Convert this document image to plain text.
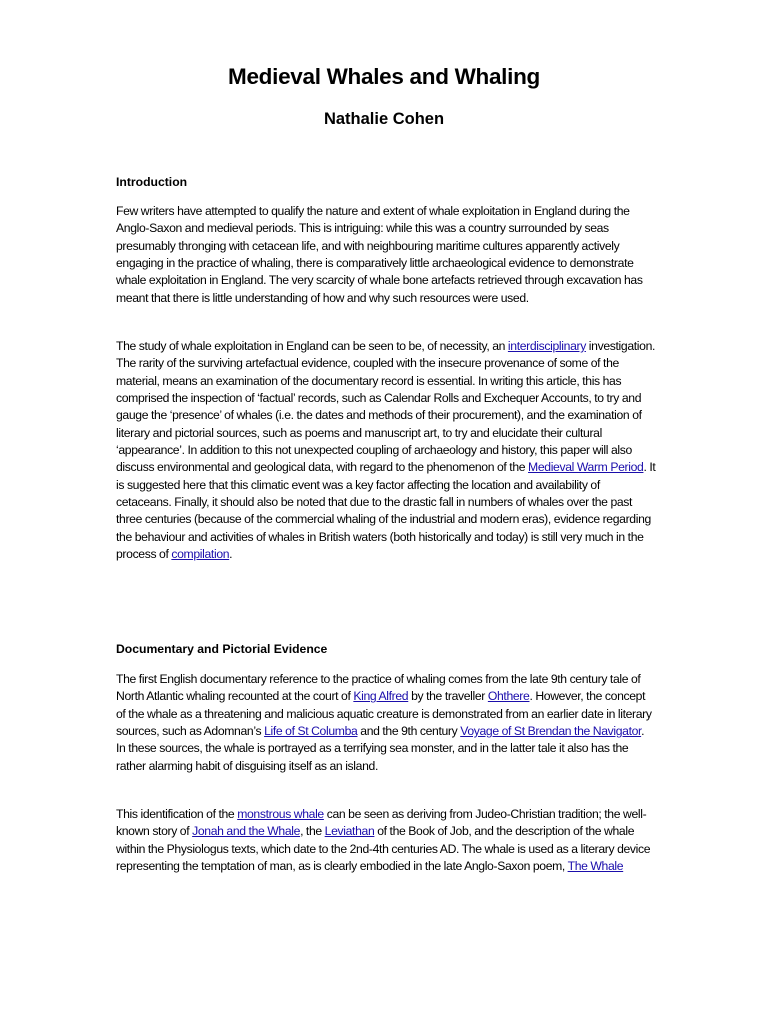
Medieval Whales and Whaling
Nathalie Cohen
Introduction

Few writers have attempted to qualify the nature and extent of whale exploitation in England during the Anglo-Saxon and medieval periods. This is intriguing: while this was a country surrounded by seas presumably thronging with cetacean life, and with neighbouring maritime cultures apparently actively engaging in the practice of whaling, there is comparatively little archaeological evidence to demonstrate whale exploitation in England. The very scarcity of whale bone artefacts retrieved through excavation has meant that there is little understanding of how and why such resources were used.

The study of whale exploitation in England can be seen to be, of necessity, an interdisciplinary investigation. The rarity of the surviving artefactual evidence, coupled with the insecure provenance of some of the material, means an examination of the documentary record is essential. In writing this article, this has comprised the inspection of ‘factual’ records, such as Calendar Rolls and Exchequer Accounts, to try and gauge the ‘presence’ of whales (i.e. the dates and methods of their procurement), and the examination of literary and pictorial sources, such as poems and manuscript art, to try and elucidate their cultural ‘appearance’. In addition to this not unexpected coupling of archaeology and history, this paper will also discuss environmental and geological data, with regard to the phenomenon of the Medieval Warm Period. It is suggested here that this climatic event was a key factor affecting the location and availability of cetaceans. Finally, it should also be noted that due to the drastic fall in numbers of whales over the past three centuries (because of the commercial whaling of the industrial and modern eras), evidence regarding the behaviour and activities of whales in British waters (both historically and today) is still very much in the process of compilation.

Documentary and Pictorial Evidence

The first English documentary reference to the practice of whaling comes from the late 9th century tale of North Atlantic whaling recounted at the court of King Alfred by the traveller Ohthere. However, the concept of the whale as a threatening and malicious aquatic creature is demonstrated from an earlier date in literary sources, such as Adomnan’s Life of St Columba and the 9th century Voyage of St Brendan the Navigator. In these sources, the whale is portrayed as a terrifying sea monster, and in the latter tale it also has the rather alarming habit of disguising itself as an island.

This identification of the monstrous whale can be seen as deriving from Judeo-Christian tradition; the well-known story of Jonah and the Whale, the Leviathan of the Book of Job, and the description of the whale within the Physiologus texts, which date to the 2nd-4th centuries AD. The whale is used as a literary device representing the temptation of man, as is clearly embodied in the late Anglo-Saxon poem, The Whale
